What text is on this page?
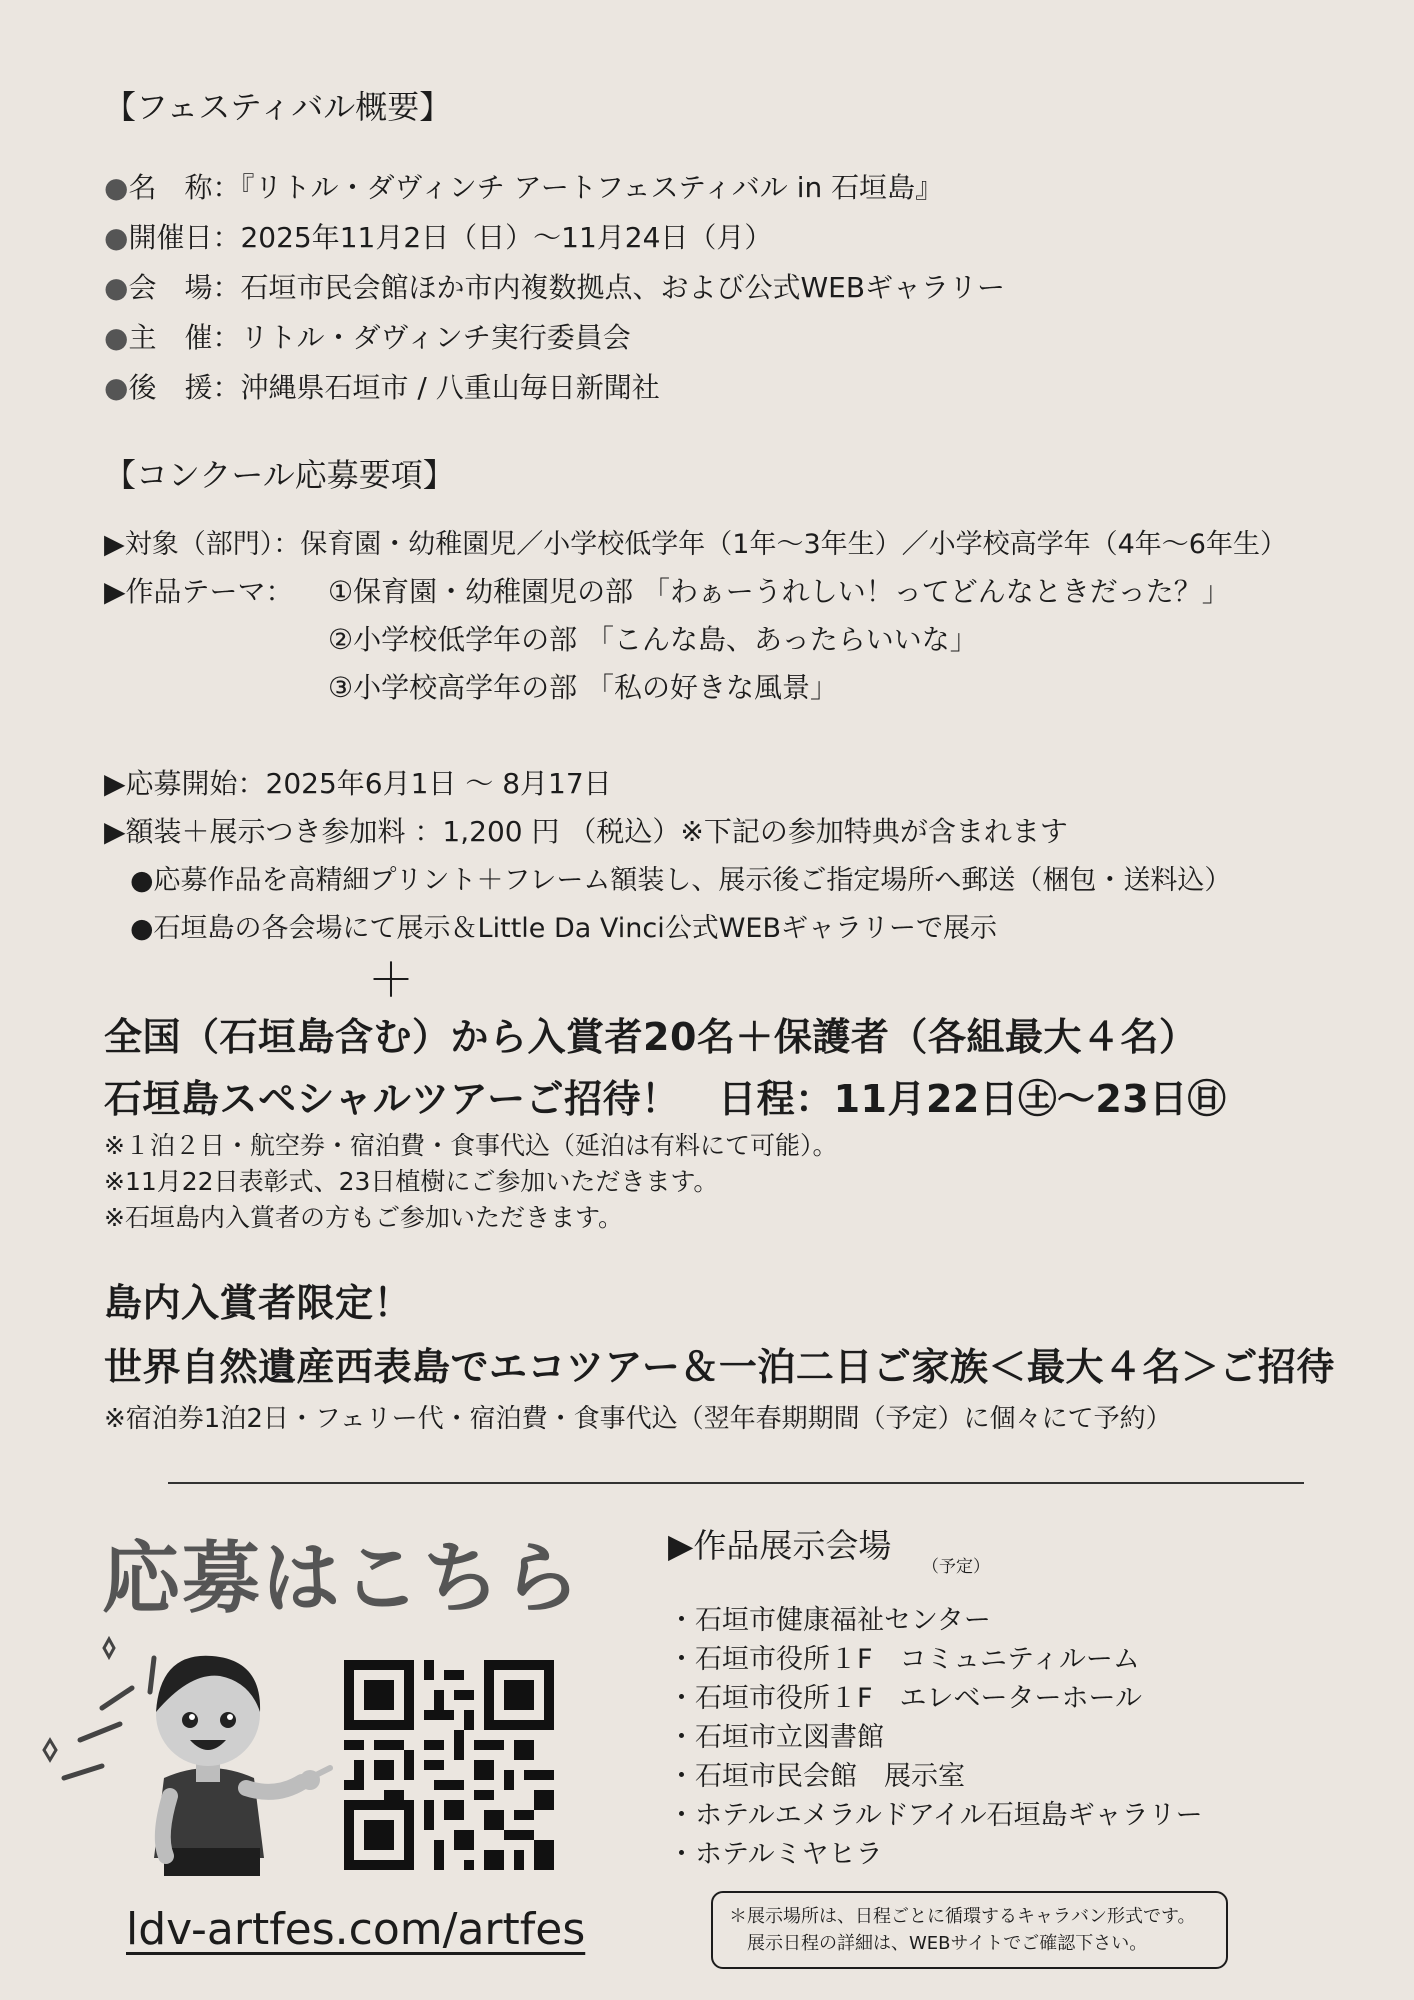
【フェスティバル概要】
●名　称：『リトル・ダヴィンチ アートフェスティバル in 石垣島』
●開催日：2025年11月2日（日）〜11月24日（月）
●会　場：石垣市民会館ほか市内複数拠点、および公式WEBギャラリー
●主　催：リトル・ダヴィンチ実行委員会
●後　援：沖縄県石垣市 / 八重山毎日新聞社
【コンクール応募要項】
▶対象（部門）：保育園・幼稚園児／小学校低学年（1年〜3年生）／小学校高学年（4年〜6年生）
▶作品テーマ： ①保育園・幼稚園児の部 「わぁーうれしい！ってどんなときだった？」
②小学校低学年の部 「こんな島、あったらいいな」
③小学校高学年の部 「私の好きな風景」
▶応募開始：2025年6月1日 〜 8月17日
▶額装＋展示つき参加料 ：1,200 円 （税込）※下記の参加特典が含まれます
●応募作品を高精細プリント＋フレーム額装し、展示後ご指定場所へ郵送（梱包・送料込）
●石垣島の各会場にて展示＆Little Da Vinci公式WEBギャラリーで展示
＋
全国（石垣島含む）から入賞者20名＋保護者（各組最大４名）
石垣島スペシャルツアーご招待！　日程：11月22日㊏〜23日㊐
※１泊２日・航空券・宿泊費・食事代込（延泊は有料にて可能）。
※11月22日表彰式、23日植樹にご参加いただきます。
※石垣島内入賞者の方もご参加いただきます。
島内入賞者限定！
世界自然遺産西表島でエコツアー＆一泊二日ご家族＜最大４名＞ご招待
※宿泊券1泊2日・フェリー代・宿泊費・食事代込（翌年春期期間（予定）に個々にて予約）
応募はこちら
ldv-artfes.com/artfes
▶作品展示会場
（予定）
・石垣市健康福祉センター
・石垣市役所１F　コミュニティルーム
・石垣市役所１F　エレベーターホール
・石垣市立図書館
・石垣市民会館　展示室
・ホテルエメラルドアイル石垣島ギャラリー
・ホテルミヤヒラ
＊展示場所は、日程ごとに循環するキャラバン形式です。
　展示日程の詳細は、WEBサイトでご確認下さい。
